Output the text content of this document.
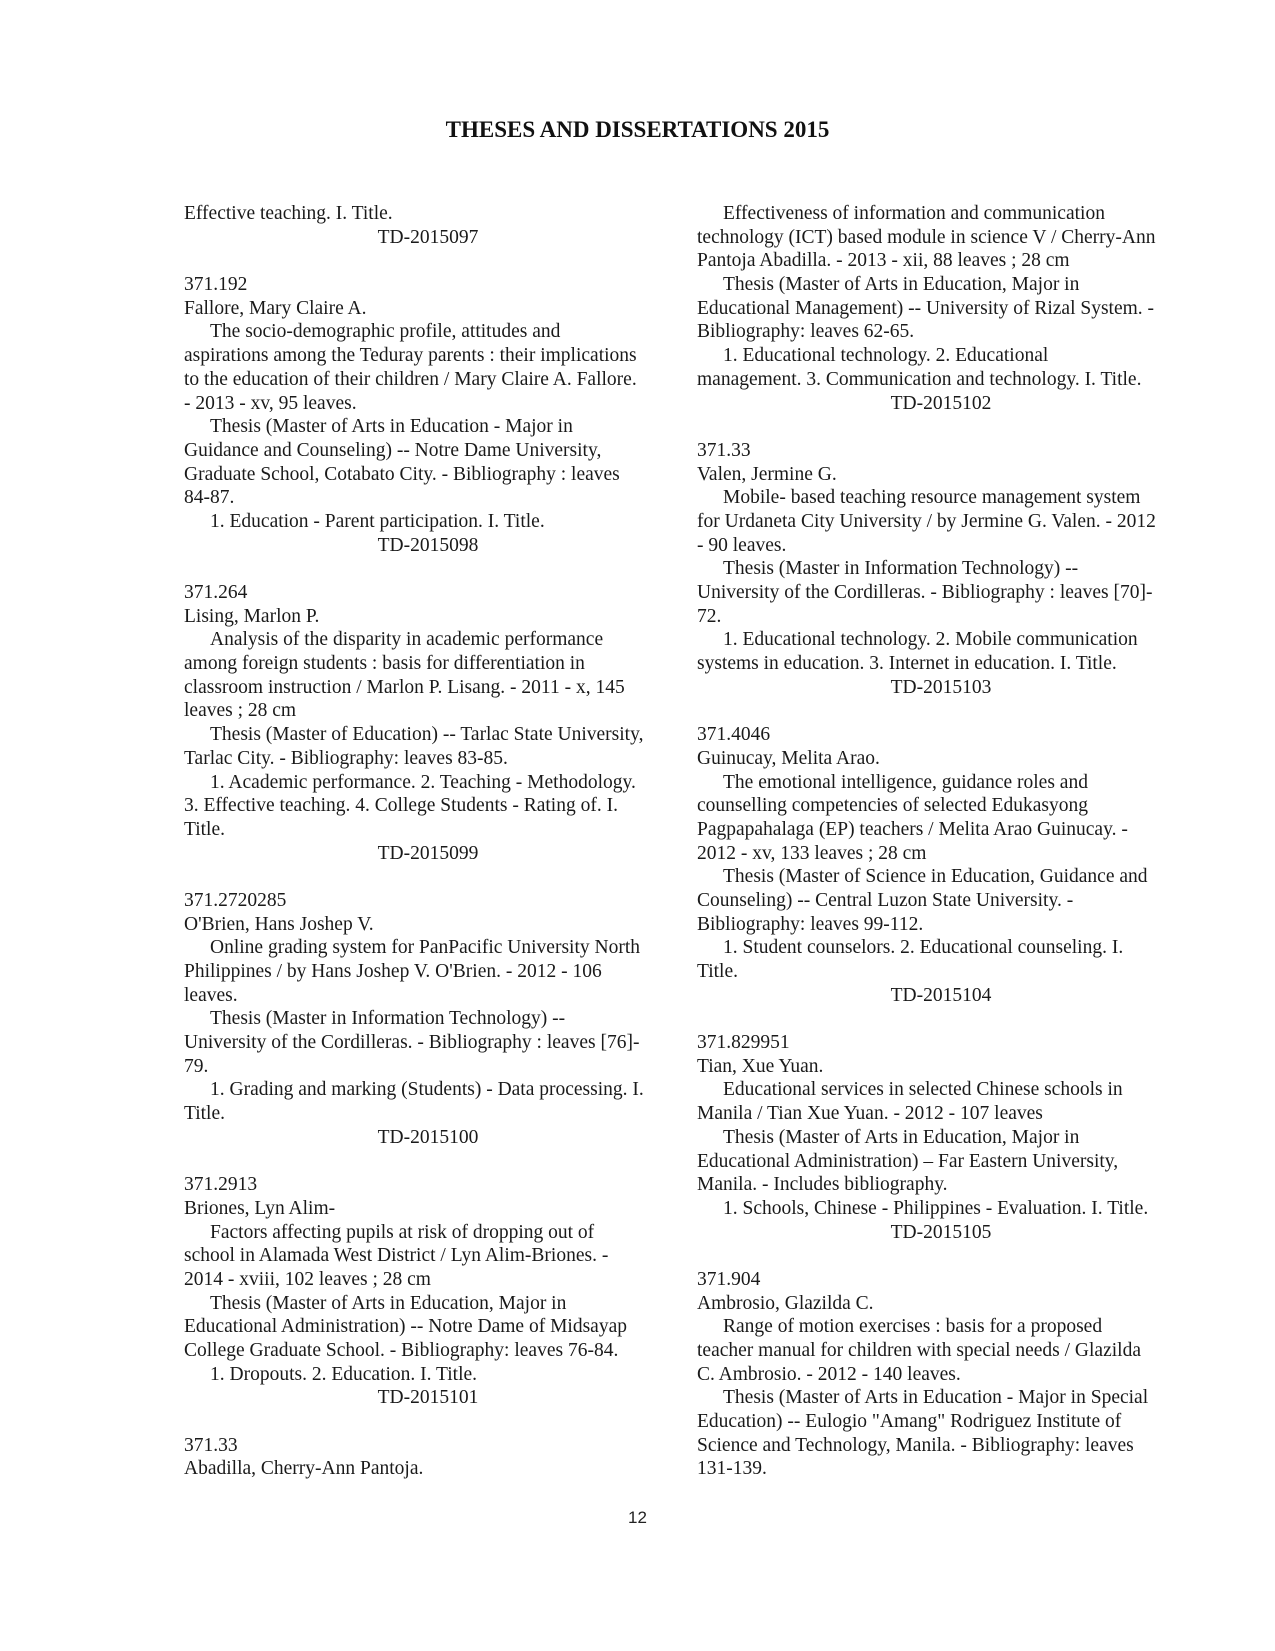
THESES AND DISSERTATIONS 2015
Effective teaching. I. Title.
TD-2015097
371.192
Fallore, Mary Claire A.
The socio-demographic profile, attitudes and
aspirations among the Teduray parents : their implications
to the education of their children / Mary Claire A. Fallore.
- 2013 - xv, 95 leaves.
Thesis (Master of Arts in Education - Major in
Guidance and Counseling) -- Notre Dame University,
Graduate School, Cotabato City. - Bibliography : leaves
84-87.
1. Education - Parent participation. I. Title.
TD-2015098
371.264
Lising, Marlon P.
Analysis of the disparity in academic performance
among foreign students : basis for differentiation in
classroom instruction / Marlon P. Lisang. - 2011 - x, 145
leaves ; 28 cm
Thesis (Master of Education) -- Tarlac State University,
Tarlac City. - Bibliography: leaves 83-85.
1. Academic performance. 2. Teaching - Methodology.
3. Effective teaching. 4. College Students - Rating of. I.
Title.
TD-2015099
371.2720285
O'Brien, Hans Joshep V.
Online grading system for PanPacific University North
Philippines / by Hans Joshep V. O'Brien. - 2012 - 106
leaves.
Thesis (Master in Information Technology) --
University of the Cordilleras. - Bibliography : leaves [76]-
79.
1. Grading and marking (Students) - Data processing. I.
Title.
TD-2015100
371.2913
Briones, Lyn Alim-
Factors affecting pupils at risk of dropping out of
school in Alamada West District / Lyn Alim-Briones. -
2014 - xviii, 102 leaves ; 28 cm
Thesis (Master of Arts in Education, Major in
Educational Administration) -- Notre Dame of Midsayap
College Graduate School. - Bibliography: leaves 76-84.
1. Dropouts. 2. Education. I. Title.
TD-2015101
371.33
Abadilla, Cherry-Ann Pantoja.
Effectiveness of information and communication
technology (ICT) based module in science V / Cherry-Ann
Pantoja Abadilla. - 2013 - xii, 88 leaves ; 28 cm
Thesis (Master of Arts in Education, Major in
Educational Management) -- University of Rizal System. -
Bibliography: leaves 62-65.
1. Educational technology. 2. Educational
management. 3. Communication and technology. I. Title.
TD-2015102
371.33
Valen, Jermine G.
Mobile- based teaching resource management system
for Urdaneta City University / by Jermine G. Valen. - 2012
- 90 leaves.
Thesis (Master in Information Technology) --
University of the Cordilleras. - Bibliography : leaves [70]-
72.
1. Educational technology. 2. Mobile communication
systems in education. 3. Internet in education. I. Title.
TD-2015103
371.4046
Guinucay, Melita Arao.
The emotional intelligence, guidance roles and
counselling competencies of selected Edukasyong
Pagpapahalaga (EP) teachers / Melita Arao Guinucay. -
2012 - xv, 133 leaves ; 28 cm
Thesis (Master of Science in Education, Guidance and
Counseling) -- Central Luzon State University. -
Bibliography: leaves 99-112.
1. Student counselors. 2. Educational counseling. I.
Title.
TD-2015104
371.829951
Tian, Xue Yuan.
Educational services in selected Chinese schools in
Manila / Tian Xue Yuan. - 2012 - 107 leaves
Thesis (Master of Arts in Education, Major in
Educational Administration) – Far Eastern University,
Manila. - Includes bibliography.
1. Schools, Chinese - Philippines - Evaluation. I. Title.
TD-2015105
371.904
Ambrosio, Glazilda C.
Range of motion exercises : basis for a proposed
teacher manual for children with special needs / Glazilda
C. Ambrosio. - 2012 - 140 leaves.
Thesis (Master of Arts in Education - Major in Special
Education) -- Eulogio "Amang" Rodriguez Institute of
Science and Technology, Manila. - Bibliography: leaves
131-139.
12
